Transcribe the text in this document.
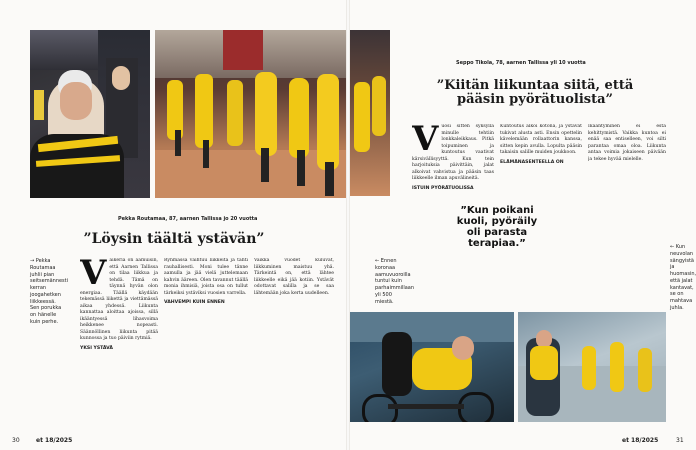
Pekka Routamaa, 87, aarnen Tallissa jo 20 vuotta
”Löysin täältä ystävän”
→ Pekka Routamaa juhlii pian seitsemännesti kerran joogahetken liikkeessä. Sen porukka on hänelle kuin perhe.
Vaikeria on aamuisin, että Aarnen Tallissa on tilaa liikkua ja tehdä. Tämä on täynnä hyvän olon energiaa. Täällä käydään tekemässä liikettä ja viettämässä aikaa yhdessä. Liikunta kannattaa aloittaa ajoissa, sillä ikääntyessä lihasvoima heikkenee nopeasti. Säännöllinen liikunta pitää kunnossa ja tuo päiviin rytmiä.
YKSI YSTÄVÄ
Ryhmässä vaihtuu liikkeitä ja tahti rauhallisesti. Moni tulee tänne aamulla ja jää vielä juttelemaan kahvin ääreen. Olen tavannut täällä monia ihmisiä, joista osa on tullut tärkeiksi ystäviksi vuosien varrella.
VAHVEMPI KUIN ENNEN
Vaikka vuodet kuluvat, liikkuminen maistuu yhä. Tärkeintä on, että lähtee liikkeelle eikä jää kotiin. Ystävät odottavat salilla ja se saa lähtemään joka kerta uudelleen.
30	et 18/2025
Seppo Tikola, 78, aarnen Tallissa yli 10 vuotta
”Kiitän liikuntaa siitä, että pääsin pyörätuolista”
Vuosi sitten syksyllä minulle tehtiin lonkkaleikkaus. Pitkä toipuminen ja kuntoutus vaativat kärsivällisyyttä. Kun tein harjoituksia päivittäin, jalat alkoivat vahvistua ja pääsin taas liikkeelle ilman apuvälineitä.
ISTUIN PYÖRÄTUOLISSA
Kuntoutus alkoi kotona, ja ystävät tukivat alusta asti. Ensin opettelin kävelemään rollaattorin kanssa, sitten kepin avulla. Lopulta pääsin takaisin salille muiden joukkoon.
ELÄMÄNASENTEELLA ON
Ikääntyminen ei estä kehittymistä. Vaikka kuntoa ei enää saa entiselleen, voi silti parantaa omaa oloa. Liikunta antaa voimia jokaiseen päivään ja tekee hyvää mielelle.
”Kun poikani kuoli, pyöräily oli parasta terapiaa.”
← Ennen koronaa aamuvuoroilla tuntui kuin parhaimmillaan yli 500 miestä.
← Kun neuvolan sängyistä ja huomasin, että jalat kantavat, se on mahtava juhla.
et 18/2025	31
